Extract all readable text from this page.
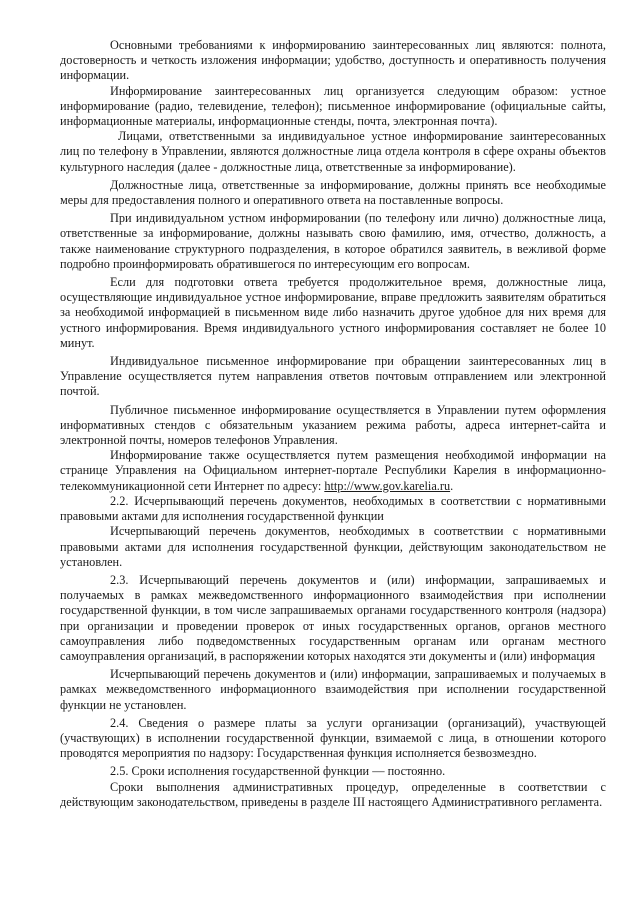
Основными требованиями к информированию заинтересованных лиц являются: полнота, достоверность и четкость изложения информации; удобство, доступность и оперативность получения информации.

Информирование заинтересованных лиц организуется следующим образом: устное информирование (радио, телевидение, телефон); письменное информирование (официальные сайты, информационные материалы, информационные стенды, почта, электронная почта).

Лицами, ответственными за индивидуальное устное информирование заинтересованных лиц по телефону в Управлении, являются должностные лица отдела контроля в сфере охраны объектов культурного наследия (далее - должностные лица, ответственные за информирование).

Должностные лица, ответственные за информирование, должны принять все необходимые меры для предоставления полного и оперативного ответа на поставленные вопросы.

При индивидуальном устном информировании (по телефону или лично) должностные лица, ответственные за информирование, должны называть свою фамилию, имя, отчество, должность, а также наименование структурного подразделения, в которое обратился заявитель, в вежливой форме подробно проинформировать обратившегося по интересующим его вопросам.

Если для подготовки ответа требуется продолжительное время, должностные лица, осуществляющие индивидуальное устное информирование, вправе предложить заявителям обратиться за необходимой информацией в письменном виде либо назначить другое удобное для них время для устного информирования. Время индивидуального устного информирования составляет не более 10 минут.

Индивидуальное письменное информирование при обращении заинтересованных лиц в Управление осуществляется путем направления ответов почтовым отправлением или электронной почтой.

Публичное письменное информирование осуществляется в Управлении путем оформления информативных стендов с обязательным указанием режима работы, адреса интернет-сайта и электронной почты, номеров телефонов Управления.

Информирование также осуществляется путем размещения необходимой информации на странице Управления на Официальном интернет-портале Республики Карелия в информационно-телекоммуникационной сети Интернет по адресу: http://www.gov.karelia.ru.

2.2. Исчерпывающий перечень документов, необходимых в соответствии с нормативными правовыми актами для исполнения государственной функции

Исчерпывающий перечень документов, необходимых в соответствии с нормативными правовыми актами для исполнения государственной функции, действующим законодательством не установлен.

2.3. Исчерпывающий перечень документов и (или) информации, запрашиваемых и получаемых в рамках межведомственного информационного взаимодействия при исполнении государственной функции, в том числе запрашиваемых органами государственного контроля (надзора) при организации и проведении проверок от иных государственных органов, органов местного самоуправления либо подведомственных государственным органам или органам местного самоуправления организаций, в распоряжении которых находятся эти документы и (или) информация

Исчерпывающий перечень документов и (или) информации, запрашиваемых и получаемых в рамках межведомственного информационного взаимодействия при исполнении государственной функции не установлен.

2.4. Сведения о размере платы за услуги организации (организаций), участвующей (участвующих) в исполнении государственной функции, взимаемой с лица, в отношении которого проводятся мероприятия по надзору: Государственная функция исполняется безвозмездно.

2.5. Сроки исполнения государственной функции — постоянно.

Сроки выполнения административных процедур, определенные в соответствии с действующим законодательством, приведены в разделе III настоящего Административного регламента.
